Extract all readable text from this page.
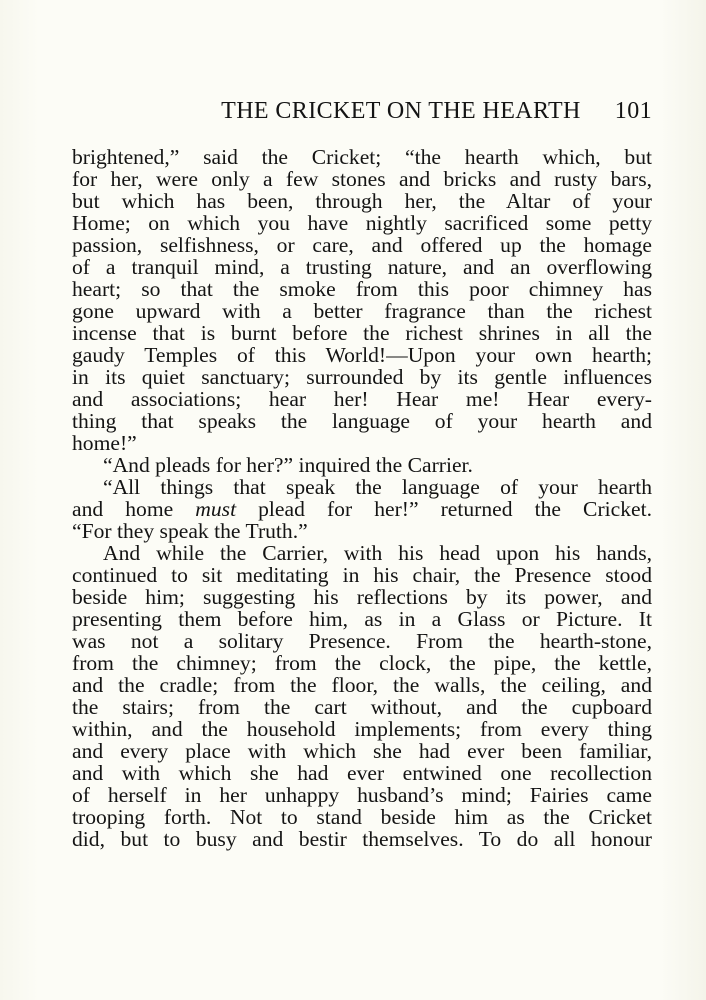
THE CRICKET ON THE HEARTH 101
brightened,” said the Cricket; “the hearth which, but
for her, were only a few stones and bricks and rusty bars,
but which has been, through her, the Altar of your
Home; on which you have nightly sacrificed some petty
passion, selfishness, or care, and offered up the homage
of a tranquil mind, a trusting nature, and an overflowing
heart; so that the smoke from this poor chimney has
gone upward with a better fragrance than the richest
incense that is burnt before the richest shrines in all the
gaudy Temples of this World!—Upon your own hearth;
in its quiet sanctuary; surrounded by its gentle influences
and associations; hear her! Hear me! Hear every-
thing that speaks the language of your hearth and
home!”
“And pleads for her?” inquired the Carrier.
“All things that speak the language of your hearth
and home must plead for her!” returned the Cricket.
“For they speak the Truth.”
And while the Carrier, with his head upon his hands,
continued to sit meditating in his chair, the Presence stood
beside him; suggesting his reflections by its power, and
presenting them before him, as in a Glass or Picture. It
was not a solitary Presence. From the hearth-stone,
from the chimney; from the clock, the pipe, the kettle,
and the cradle; from the floor, the walls, the ceiling, and
the stairs; from the cart without, and the cupboard
within, and the household implements; from every thing
and every place with which she had ever been familiar,
and with which she had ever entwined one recollection
of herself in her unhappy husband’s mind; Fairies came
trooping forth. Not to stand beside him as the Cricket
did, but to busy and bestir themselves. To do all honour
